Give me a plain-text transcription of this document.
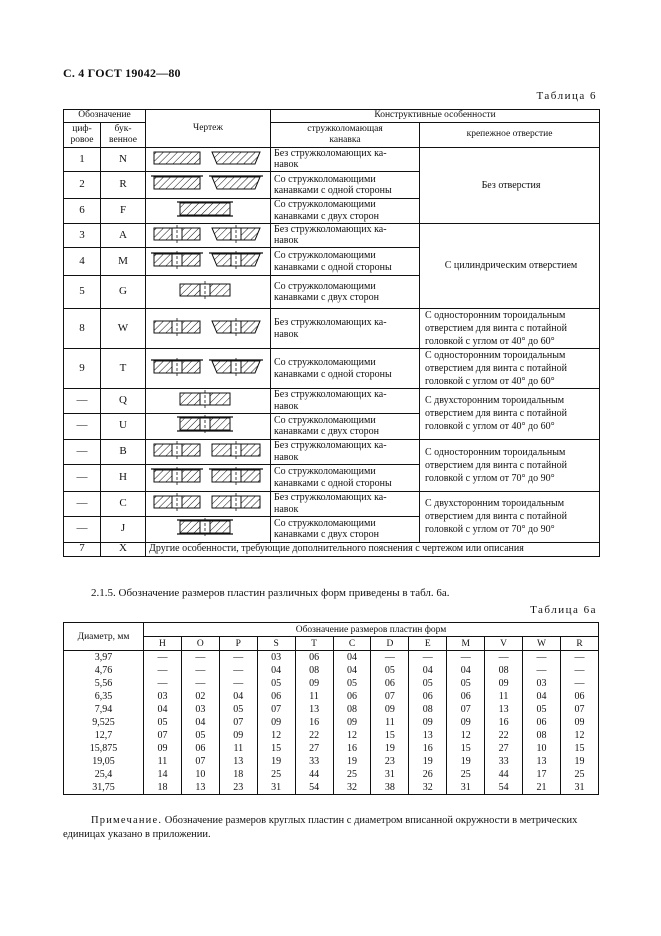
С. 4 ГОСТ 19042—80
Таблица 6
Обозначение		Чертеж	Конструктивные особенности	
циф-
ровое	бук-
венное		стружколомающая
канавка	крепежное отверстие
1	N		Без стружколомающих ка-
навок	Без отверстия
2	R		Со стружколомающими
канавками с одной стороны	
6	F		Со стружколомающими
канавками с двух сторон	
3	A		Без стружколомающих ка-
навок	С цилиндрическим отверстием
4	M		Со стружколомающими
канавками с одной стороны	
5	G		Со стружколомающими
канавками с двух сторон	
8	W		Без стружколомающих ка-
навок	С односторонним тороидальным
отверстием для винта с потайной
головкой с углом от 40° до 60°
9	T		Со стружколомающими
канавками с одной стороны	С односторонним тороидальным
отверстием для винта с потайной
головкой с углом от 40° до 60°
—	Q		Без стружколомающих ка-
навок	С двухсторонним тороидальным
отверстием для винта с потайной
головкой с углом от 40° до 60°
—	U		Со стружколомающими
канавками с двух сторон	
—	B		Без стружколомающих ка-
навок	С односторонним тороидальным
отверстием для винта с потайной
головкой с углом от 70° до 90°
—	H		Со стружколомающими
канавками с одной стороны	
—	C		Без стружколомающих ка-
навок	С двухсторонним тороидальным
отверстием для винта с потайной
головкой с углом от 70° до 90°
—	J		Со стружколомающими
канавками с двух сторон	
7	X	Другие особенности, требующие дополнительного пояснения с чертежом или описания		
2.1.5. Обозначение размеров пластин различных форм приведены в табл. 6а.
Таблица 6а
Диаметр, мм	Обозначение размеров пластин форм											
	H	O	P	S	T	C	D	E	M	V	W	R
3,97	—	—	—	03	06	04	—	—	—	—	—	—
4,76	—	—	—	04	08	04	05	04	04	08	—	—
5,56	—	—	—	05	09	05	06	05	05	09	03	—
6,35	03	02	04	06	11	06	07	06	06	11	04	06
7,94	04	03	05	07	13	08	09	08	07	13	05	07
9,525	05	04	07	09	16	09	11	09	09	16	06	09
12,7	07	05	09	12	22	12	15	13	12	22	08	12
15,875	09	06	11	15	27	16	19	16	15	27	10	15
19,05	11	07	13	19	33	19	23	19	19	33	13	19
25,4	14	10	18	25	44	25	31	26	25	44	17	25
31,75	18	13	23	31	54	32	38	32	31	54	21	31
Примечание. Обозначение размеров круглых пластин с диаметром вписанной окружности в метрических единицах указано в приложении.
